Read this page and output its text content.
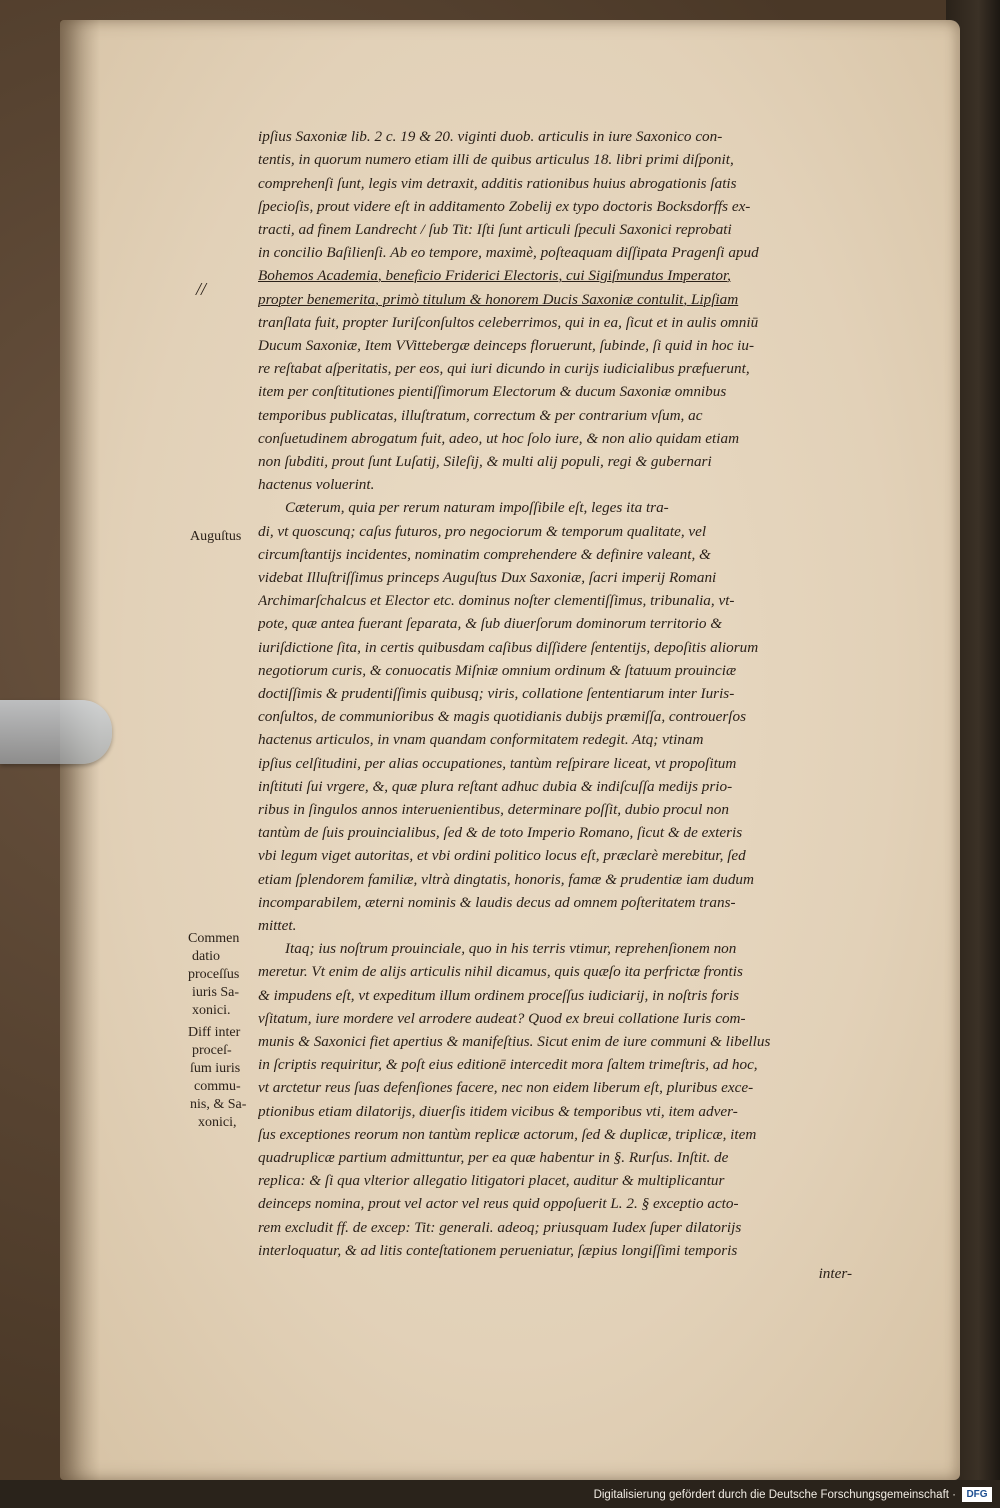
ipſius Saxoniæ lib. 2 c. 19 & 20. viginti duob. articulis in iure Saxonico con-
tentis, in quorum numero etiam illi de quibus articulus 18. libri primi diſponit,
comprehenſi ſunt, legis vim detraxit, additis rationibus huius abrogationis ſatis
ſpecioſis, prout videre eſt in additamento Zobelij ex typo doctoris Bocksdorffs ex-
tracti, ad finem Landrecht / ſub Tit: Iſti ſunt articuli ſpeculi Saxonici reprobati
in concilio Baſilienſi. Ab eo tempore, maximè, poſteaquam diſſipata Pragenſi apud
Bohemos Academia, beneficio Friderici Electoris, cui Sigiſmundus Imperator,
propter benemerita, primò titulum & honorem Ducis Saxoniæ contulit, Lipſiam
tranſlata fuit, propter Iuriſconſultos celeberrimos, qui in ea, ſicut et in aulis omniū
Ducum Saxoniæ, Item VVittebergæ deinceps floruerunt, ſubinde, ſi quid in hoc iu-
re reſtabat aſperitatis, per eos, qui iuri dicundo in curijs iudicialibus præfuerunt,
item per conſtitutiones pientiſſimorum Electorum & ducum Saxoniæ omnibus
temporibus publicatas, illuſtratum, correctum & per contrarium vſum, ac
conſuetudinem abrogatum fuit, adeo, ut hoc ſolo iure, & non alio quidam etiam
non ſubditi, prout ſunt Luſatij, Sileſij, & multi alij populi, regi & gubernari
hactenus voluerint.
Cæterum, quia per rerum naturam impoſſibile eſt, leges ita tra-
di, vt quoscunq; caſus futuros, pro negociorum & temporum qualitate, vel
circumſtantijs incidentes, nominatim comprehendere & definire valeant, &
videbat Illuſtriſſimus princeps Auguſtus Dux Saxoniæ, ſacri imperij Romani
Archimarſchalcus et Elector etc. dominus noſter clementiſſimus, tribunalia, vt-
pote, quæ antea fuerant ſeparata, & ſub diuerſorum dominorum territorio &
iuriſdictione ſita, in certis quibusdam caſibus diſſidere ſententijs, depoſitis aliorum
negotiorum curis, & conuocatis Miſniæ omnium ordinum & ſtatuum prouinciæ
doctiſſimis & prudentiſſimis quibusq; viris, collatione ſententiarum inter Iuris-
conſultos, de communioribus & magis quotidianis dubijs præmiſſa, controuerſos
hactenus articulos, in vnam quandam conformitatem redegit. Atq; vtinam
ipſius celſitudini, per alias occupationes, tantùm reſpirare liceat, vt propoſitum
inſtituti ſui vrgere, &, quæ plura reſtant adhuc dubia & indiſcuſſa medijs prio-
ribus in ſingulos annos interuenientibus, determinare poſſit, dubio procul non
tantùm de ſuis prouincialibus, ſed & de toto Imperio Romano, ſicut & de exteris
vbi legum viget autoritas, et vbi ordini politico locus eſt, præclarè merebitur, ſed
etiam ſplendorem familiæ, vltrà dingtatis, honoris, famæ & prudentiæ iam dudum
incomparabilem, æterni nominis & laudis decus ad omnem poſteritatem trans-
mittet.
Itaq; ius noſtrum prouinciale, quo in his terris vtimur, reprehenſionem non
meretur. Vt enim de alijs articulis nihil dicamus, quis quæſo ita perfrictæ frontis
& impudens eſt, vt expeditum illum ordinem proceſſus iudiciarij, in noſtris foris
vſitatum, iure mordere vel arrodere audeat? Quod ex breui collatione Iuris com-
munis & Saxonici fiet apertius & manifeſtius. Sicut enim de iure communi & libellus
in ſcriptis requiritur, & poſt eius editionē intercedit mora ſaltem trimeſtris, ad hoc,
vt arctetur reus ſuas defenſiones facere, nec non eidem liberum eſt, pluribus exce-
ptionibus etiam dilatorijs, diuerſis itidem vicibus & temporibus vti, item adver-
ſus exceptiones reorum non tantùm replicæ actorum, ſed & duplicæ, triplicæ, item
quadruplicæ partium admittuntur, per ea quæ habentur in §. Rurſus. Inſtit. de
replica: & ſi qua vlterior allegatio litigatori placet, auditur & multiplicantur
deinceps nomina, prout vel actor vel reus quid oppoſuerit L. 2. § exceptio acto-
rem excludit ff. de excep: Tit: generali. adeoq; priusquam Iudex ſuper dilatorijs
interloquatur, & ad litis conteſtationem perueniatur, ſæpius longiſſimi temporis
inter-
//
Auguſtus
Commen
datio
proceſſus
iuris Sa-
xonici.
Diff inter
proceſ-
ſum iuris
commu-
nis, & Sa-
xonici,
Digitalisierung gefördert durch die Deutsche Forschungsgemeinschaft ·	DFG
